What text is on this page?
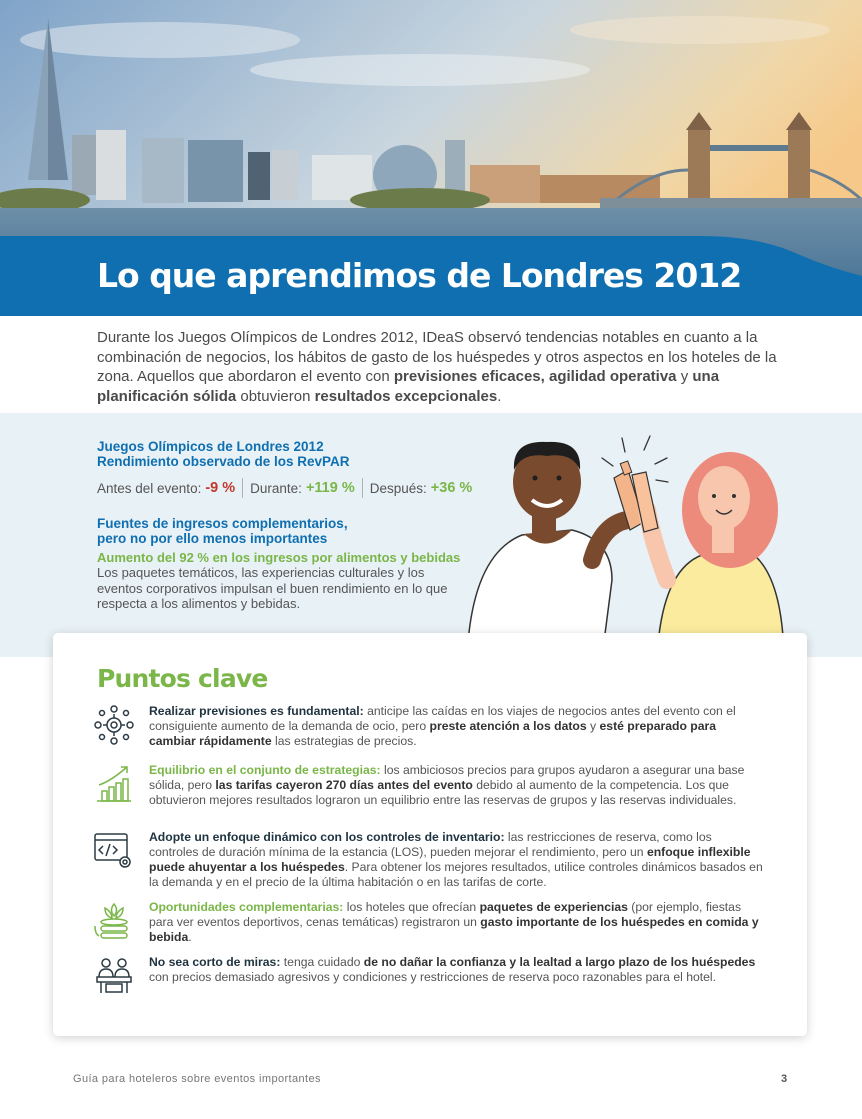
Lo que aprendimos de Londres 2012

Durante los Juegos Olímpicos de Londres 2012, IDeaS observó tendencias notables en cuanto a la combinación de negocios, los hábitos de gasto de los huéspedes y otros aspectos en los hoteles de la zona. Aquellos que abordaron el evento con previsiones eficaces, agilidad operativa y una planificación sólida obtuvieron resultados excepcionales.

Juegos Olímpicos de Londres 2012
Rendimiento observado de los RevPAR
Antes del evento: -9 % Durante: +119 % Después: +36 %
Fuentes de ingresos complementarios,
pero no por ello menos importantes
Aumento del 92 % en los ingresos por alimentos y bebidas
Los paquetes temáticos, las experiencias culturales y los eventos corporativos impulsan el buen rendimiento en lo que respecta a los alimentos y bebidas.
Puntos clave
Realizar previsiones es fundamental: anticipe las caídas en los viajes de negocios antes del evento con el consiguiente aumento de la demanda de ocio, pero preste atención a los datos y esté preparado para cambiar rápidamente las estrategias de precios.
Equilibrio en el conjunto de estrategias: los ambiciosos precios para grupos ayudaron a asegurar una base sólida, pero las tarifas cayeron 270 días antes del evento debido al aumento de la competencia. Los que obtuvieron mejores resultados lograron un equilibrio entre las reservas de grupos y las reservas individuales.
Adopte un enfoque dinámico con los controles de inventario: las restricciones de reserva, como los controles de duración mínima de la estancia (LOS), pueden mejorar el rendimiento, pero un enfoque inflexible puede ahuyentar a los huéspedes. Para obtener los mejores resultados, utilice controles dinámicos basados en la demanda y en el precio de la última habitación o en las tarifas de corte.
Oportunidades complementarias: los hoteles que ofrecían paquetes de experiencias (por ejemplo, fiestas para ver eventos deportivos, cenas temáticas) registraron un gasto importante de los huéspedes en comida y bebida.
No sea corto de miras: tenga cuidado de no dañar la confianza y la lealtad a largo plazo de los huéspedes con precios demasiado agresivos y condiciones y restricciones de reserva poco razonables para el hotel.
Guía para hoteleros sobre eventos importantes	3
